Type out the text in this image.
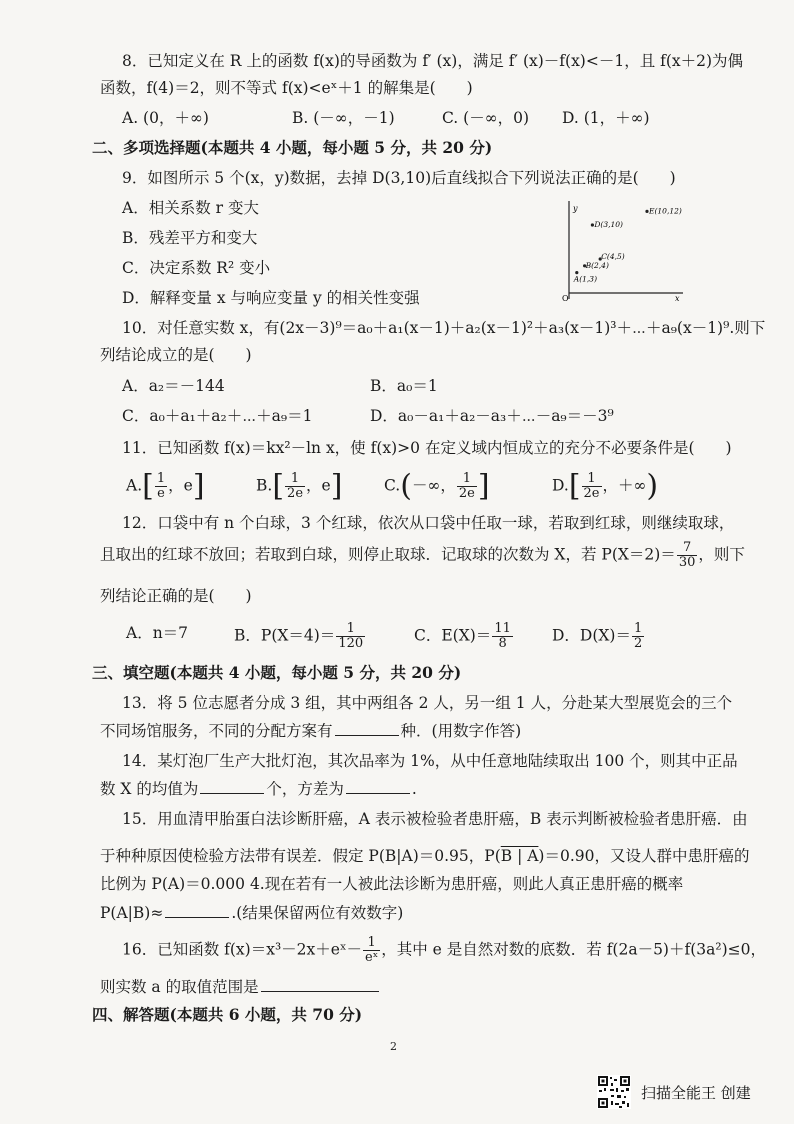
8．已知定义在 R 上的函数 f(x)的导函数为 f′ (x)，满足 f′ (x)－f(x)<－1，且 f(x＋2)为偶
函数，f(4)＝2，则不等式 f(x)<eˣ＋1 的解集是(　　)
A. (0，＋∞)	B. (－∞，－1)	C. (－∞，0) D. (1，＋∞)
二、多项选择题(本题共 4 小题，每小题 5 分，共 20 分)
9．如图所示 5 个(x，y)数据，去掉 D(3,10)后直线拟合下列说法正确的是(　　)
A．相关系数 r 变大
B．残差平方和变大
C．决定系数 R² 变小
D．解释变量 x 与响应变量 y 的相关性变强
y
x
O
A(1,3)
B(2,4)
C(4,5)
D(3,10)
E(10,12)
10．对任意实数 x，有(2x－3)⁹＝a₀＋a₁(x－1)＋a₂(x－1)²＋a₃(x－1)³＋⋯＋a₉(x－1)⁹.则下
列结论成立的是(　　)
A．a₂＝－144	B．a₀＝1
C．a₀＋a₁＋a₂＋⋯＋a₉＝1	D．a₀－a₁＋a₂－a₃＋⋯－a₉＝－3⁹
11．已知函数 f(x)＝kx²－ln x，使 f(x)>0 在定义域内恒成立的充分不必要条件是(　　)
$A.[ \frac{1}{e}$ ，e]	$B.[ \frac{1}{2e}$ ，e]	C.(－∞， $\frac{1}{2e}$ ]	$D.[ \frac{1}{2e}$ ，＋∞)
12．口袋中有 n 个白球，3 个红球，依次从口袋中任取一球，若取到红球，则继续取球，
且取出的红球不放回；若取到白球，则停止取球．记取球的次数为 X，若 $P(X=2)= \frac{7}{30}$ ，则下
列结论正确的是(　　)
A．n＝7	B．$P(X=4)= \frac{1}{120}$	C．$E(X)= \frac{11}{8}$	D．$D(X)= \frac{1}{2}$
三、填空题(本题共 4 小题，每小题 5 分，共 20 分)
13．将 5 位志愿者分成 3 组，其中两组各 2 人，另一组 1 人，分赴某大型展览会的三个
不同场馆服务，不同的分配方案有	种．(用数字作答)
14．某灯泡厂生产大批灯泡，其次品率为 1%，从中任意地陆续取出 100 个，则其中正品
数 X 的均值为	个，方差为	.
15．用血清甲胎蛋白法诊断肝癌，A 表示被检验者患肝癌，B 表示判断被检验者患肝癌．由
于种种原因使检验方法带有误差．假定 P(B|A)＝0.95，P(B | A)＝0.90，又设人群中患肝癌的
比例为 P(A)＝0.000 4.现在若有一人被此法诊断为患肝癌，则此人真正患肝癌的概率
P(A|B)≈	.(结果保留两位有效数字)
16．已知函数 f(x)＝x³－2x＋eˣ－ $\frac{1}{\text{eˣ}}$ ，其中 e 是自然对数的底数．若 f(2a－5)＋f(3a²)≤0，
则实数 a 的取值范围是
四、解答题(本题共 6 小题，共 70 分)
2
扫描全能王 创建
